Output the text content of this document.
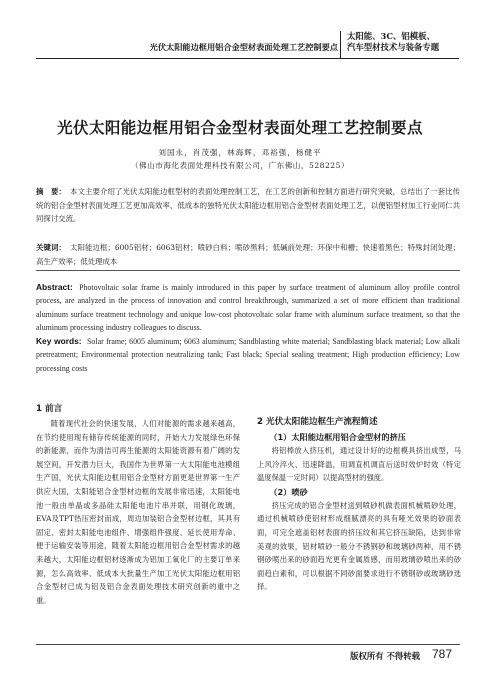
光伏太阳能边框用铝合金型材表面处理工艺控制要点
太阳能、3C、铝模板、
汽车型材技术与装备专题
光伏太阳能边框用铝合金型材表面处理工艺控制要点
刘国永，肖茂强，林海辉，邓裕强，杨健平
（佛山市海化表面处理科技有限公司，广东佛山，528225）
摘　要： 本文主要介绍了光伏太阳能边框型材的表面处理控制工艺，在工艺的创新和控制方面进行研究突破，总结出了一套比传统的铝合金型材表面处理工艺更加高效率、低成本的独特光伏太阳能边框用铝合金型材表面处理工艺，以便铝型材加工行业同仁共同探讨交流。
关键词： 太阳能边框；6005铝材；6063铝材；喷砂白料；喷砂黑料；低碱前处理；环保中和槽；快速着黑色；特殊封闭处理；高生产效率；低处理成本
Abstract: Photovoltaic solar frame is mainly introduced in this paper by surface treatment of aluminum alloy profile control process, are analyzed in the process of innovation and control breakthrough, summarized a set of more efficient than traditional aluminum surface treatment technology and unique low-cost photovoltaic solar frame with aluminum surface treatment, so that the aluminum processing industry colleagues to discuss.
Key words: Solar frame; 6005 aluminum; 6063 aluminum; Sandblasting white material; Sandblasting black material; Low alkali pretreatment; Environmental protection neutralizing tank; Fast black; Special sealing treatment; High production efficiency; Low processing costs
1 前言

随着现代社会的快速发展，人们对能源的需求越来越高，在节约使用现有储存传统能源的同时，开始大力发展绿色环保的新能源，而作为清洁可再生能源的太阳能资源有着广阔的发展空间，开发潜力巨大，我国作为世界第一大太阳能电池模组生产国，光伏太阳能边框用铝合金型材方面更是世界第一生产供应大国，太阳能铝合金型材边框的发展非常迅速，太阳能电池一般由单晶或多晶硅太阳能电池片串并联，用钢化玻璃，EVA及TPT热压密封而成，周边加装铝合金型材边框，其具有固定、密封太阳能电池组件、增强组件强度、延长使用寿命、便于运输安装等用途，随着太阳能边框用铝合金型材需求的越来越大，太阳能边框铝材逐渐成为铝加工氧化厂的主要订单来源，怎么高效率、低成本大批量生产加工光伏太阳能边框用铝合金型材已成为铝及铝合金表面处理技术研究创新的重中之重。

2 光伏太阳能边框生产流程简述
（1）太阳能边框用铝合金型材的挤压

将铝棒放入挤压机，通过设计好的边框模具挤出成型，马上风冷淬火、迅速降温，用调直机调直后送时效炉时效（特定温度保温一定时间）以提高型材的强度。

（2）喷砂

挤压完成的铝合金型材送到喷砂机做表面机械喷砂处理，通过机械喷砂使铝材形成细腻漂亮的具有哑光效果的砂面表面，可完全遮盖铝材表面的挤压纹和其它挤压缺陷，达到非常美观的效果，铝材喷砂一般分不锈钢砂和玻璃砂两种，用不锈钢砂喷出来的砂面趋光更有金属质感，而用玻璃砂喷出来的砂面趋白素和，可以根据不同砂面要求进行不锈钢砂或玻璃砂选择。

版权所有 不得转载 787
